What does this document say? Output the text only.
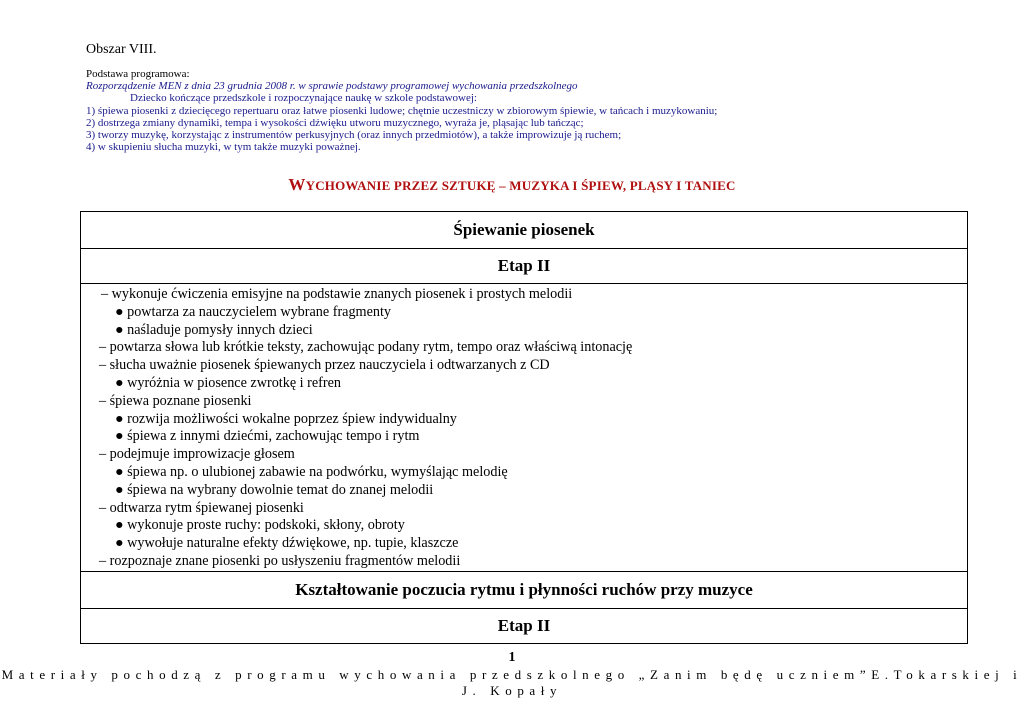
Obszar VIII.
Podstawa programowa:
Rozporządzenie MEN z dnia 23 grudnia 2008 r. w sprawie podstawy programowej wychowania przedszkolnego
Dziecko kończące przedszkole i rozpoczynające naukę w szkole podstawowej:
1) śpiewa piosenki z dziecięcego repertuaru oraz łatwe piosenki ludowe; chętnie uczestniczy w zbiorowym śpiewie, w tańcach i muzykowaniu;
2) dostrzega zmiany dynamiki, tempa i wysokości dźwięku utworu muzycznego, wyraża je, pląsając lub tańcząc;
3) tworzy muzykę, korzystając z instrumentów perkusyjnych (oraz innych przedmiotów), a także improwizuje ją ruchem;
4) w skupieniu słucha muzyki, w tym także muzyki poważnej.
WYCHOWANIE PRZEZ SZTUKĘ – MUZYKA I ŚPIEW, PLĄSY I TANIEC
Śpiewanie piosenek
Etap II

– wykonuje ćwiczenia emisyjne na podstawie znanych piosenek i prostych melodii
● powtarza za nauczycielem wybrane fragmenty
● naśladuje pomysły innych dzieci
– powtarza słowa lub krótkie teksty, zachowując podany rytm, tempo oraz właściwą intonację
– słucha uważnie piosenek śpiewanych przez nauczyciela i odtwarzanych z CD
● wyróżnia w piosence zwrotkę i refren
– śpiewa poznane piosenki
● rozwija możliwości wokalne poprzez śpiew indywidualny
● śpiewa z innymi dziećmi, zachowując tempo i rytm
– podejmuje improwizacje głosem
● śpiewa np. o ulubionej zabawie na podwórku, wymyślając melodię
● śpiewa na wybrany dowolnie temat do znanej melodii
– odtwarza rytm śpiewanej piosenki
● wykonuje proste ruchy: podskoki, skłony, obroty
● wywołuje naturalne efekty dźwiękowe, np. tupie, klaszcze
– rozpoznaje znane piosenki po usłyszeniu fragmentów melodii

Kształtowanie poczucia rytmu i płynności ruchów przy muzyce
Etap II
1
Materiały pochodzą z programu wychowania przedszkolnego „Zanim będę uczniem”E.Tokarskiej i J. Kopały
